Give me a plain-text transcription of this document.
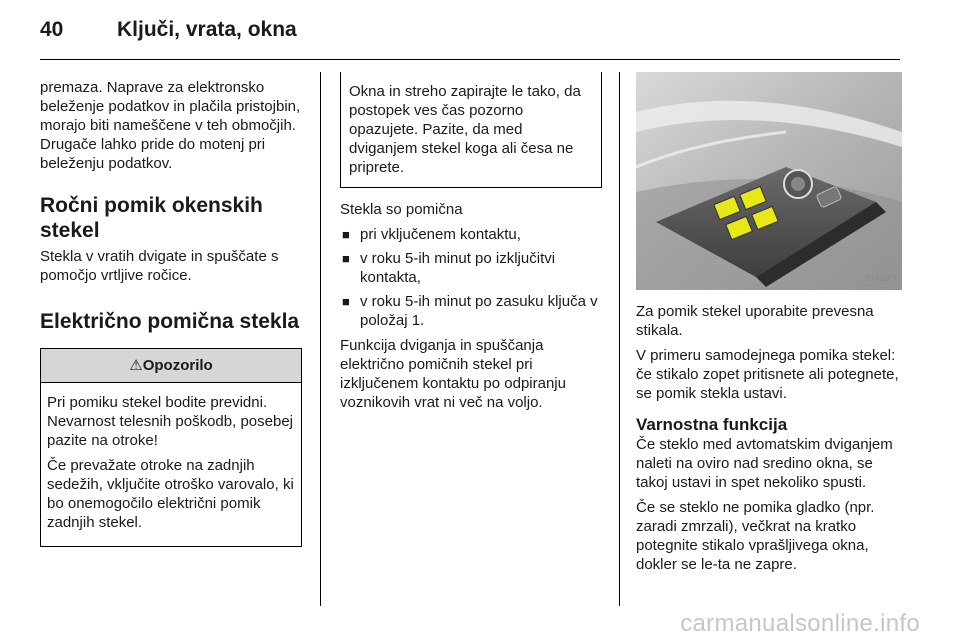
40	Ključi, vrata, okna

premaza. Naprave za elektronsko beleženje podatkov in plačila pristojbin, morajo biti nameščene v teh območjih. Drugače lahko pride do motenj pri beleženju podatkov.

Ročni pomik okenskih stekel

Stekla v vratih dvigate in spuščate s pomočjo vrtljive ročice.

Električno pomična stekla
⚠Opozorilo

Pri pomiku stekel bodite previdni. Nevarnost telesnih poškodb, posebej pazite na otroke!

Če prevažate otroke na zadnjih sedežih, vključite otroško varovalo, ki bo onemogočilo električni pomik zadnjih stekel.

Okna in streho zapirajte le tako, da postopek ves čas pozorno opazujete. Pazite, da med dviganjem stekel koga ali česa ne priprete.

Stekla so pomična

■ pri vključenem kontaktu,
■ v roku 5-ih minut po izključitvi kontakta,
■ v roku 5-ih minut po zasuku ključa v položaj 1.

Funkcija dviganja in spuščanja električno pomičnih stekel pri izključenem kontaktu po odpiranju voznikovih vrat ni več na voljo.

17429 T

Za pomik stekel uporabite prevesna stikala.

V primeru samodejnega pomika stekel: če stikalo zopet pritisnete ali potegnete, se pomik stekla ustavi.

Varnostna funkcija

Če steklo med avtomatskim dviganjem naleti na oviro nad sredino okna, se takoj ustavi in spet nekoliko spusti.

Če se steklo ne pomika gladko (npr. zaradi zmrzali), večkrat na kratko potegnite stikalo vprašljivega okna, dokler se le-ta ne zapre.

carmanualsonline.info
